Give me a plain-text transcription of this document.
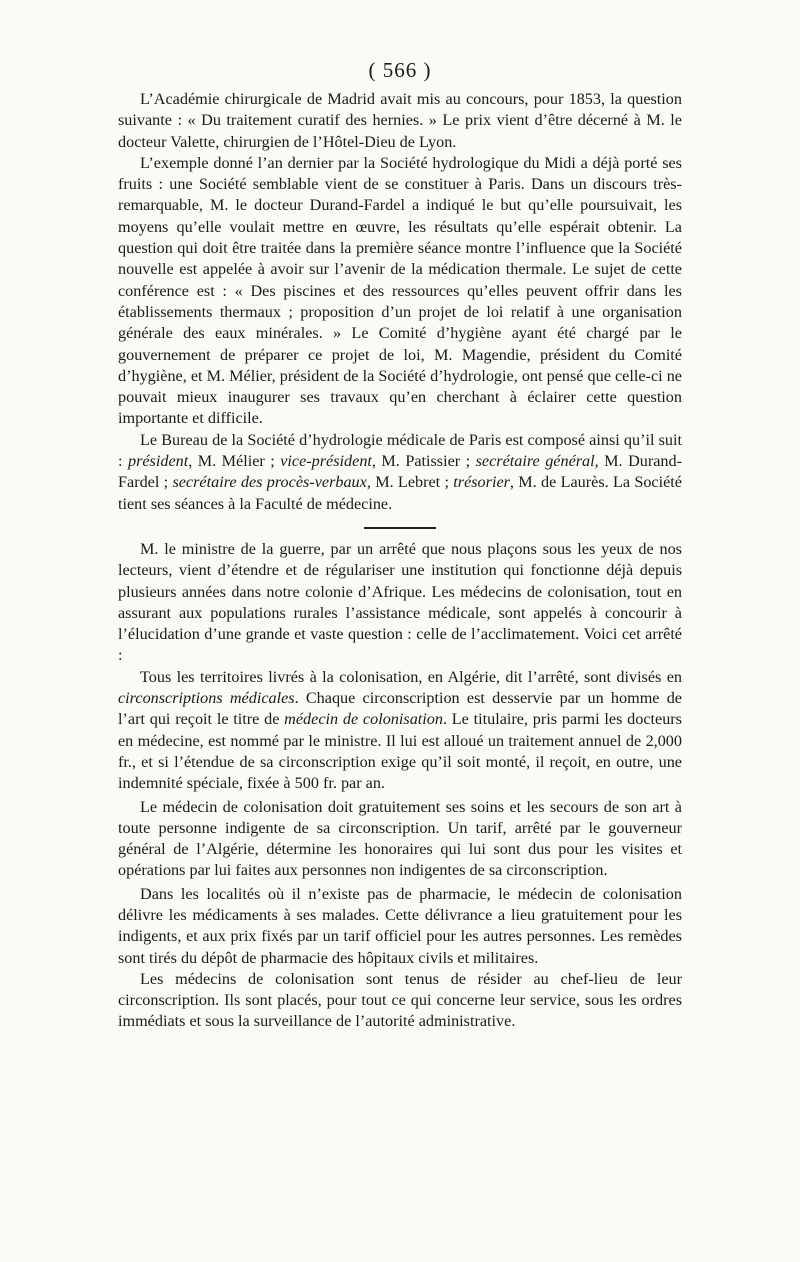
( 566 )

L’Académie chirurgicale de Madrid avait mis au concours, pour 1853, la question suivante : « Du traitement curatif des hernies. » Le prix vient d’être décerné à M. le docteur Valette, chirurgien de l’Hôtel-Dieu de Lyon.

L’exemple donné l’an dernier par la Société hydrologique du Midi a déjà porté ses fruits : une Société semblable vient de se constituer à Paris. Dans un discours très-remarquable, M. le docteur Durand-Fardel a indiqué le but qu’elle poursuivait, les moyens qu’elle voulait mettre en œuvre, les résultats qu’elle espérait obtenir. La question qui doit être traitée dans la première séance montre l’influence que la Société nouvelle est appelée à avoir sur l’avenir de la médication thermale. Le sujet de cette conférence est : « Des piscines et des ressources qu’elles peuvent offrir dans les établissements thermaux ; proposition d’un projet de loi relatif à une organisation générale des eaux minérales. » Le Comité d’hygiène ayant été chargé par le gouvernement de préparer ce projet de loi, M. Magendie, président du Comité d’hygiène, et M. Mélier, président de la Société d’hydrologie, ont pensé que celle-ci ne pouvait mieux inaugurer ses travaux qu’en cherchant à éclairer cette question importante et difficile.

Le Bureau de la Société d’hydrologie médicale de Paris est composé ainsi qu’il suit : président, M. Mélier ; vice-président, M. Patissier ; secrétaire général, M. Durand-Fardel ; secrétaire des procès-verbaux, M. Lebret ; trésorier, M. de Laurès. La Société tient ses séances à la Faculté de médecine.

M. le ministre de la guerre, par un arrêté que nous plaçons sous les yeux de nos lecteurs, vient d’étendre et de régulariser une institution qui fonctionne déjà depuis plusieurs années dans notre colonie d’Afrique. Les médecins de colonisation, tout en assurant aux populations rurales l’assistance médicale, sont appelés à concourir à l’élucidation d’une grande et vaste question : celle de l’acclimatement. Voici cet arrêté :

Tous les territoires livrés à la colonisation, en Algérie, dit l’arrêté, sont divisés en circonscriptions médicales. Chaque circonscription est desservie par un homme de l’art qui reçoit le titre de médecin de colonisation. Le titulaire, pris parmi les docteurs en médecine, est nommé par le ministre. Il lui est alloué un traitement annuel de 2,000 fr., et si l’étendue de sa circonscription exige qu’il soit monté, il reçoit, en outre, une indemnité spéciale, fixée à 500 fr. par an.

Le médecin de colonisation doit gratuitement ses soins et les secours de son art à toute personne indigente de sa circonscription. Un tarif, arrêté par le gouverneur général de l’Algérie, détermine les honoraires qui lui sont dus pour les visites et opérations par lui faites aux personnes non indigentes de sa circonscription.

Dans les localités où il n’existe pas de pharmacie, le médecin de colonisation délivre les médicaments à ses malades. Cette délivrance a lieu gratuitement pour les indigents, et aux prix fixés par un tarif officiel pour les autres personnes. Les remèdes sont tirés du dépôt de pharmacie des hôpitaux civils et militaires.

Les médecins de colonisation sont tenus de résider au chef-lieu de leur circonscription. Ils sont placés, pour tout ce qui concerne leur service, sous les ordres immédiats et sous la surveillance de l’autorité administrative.
